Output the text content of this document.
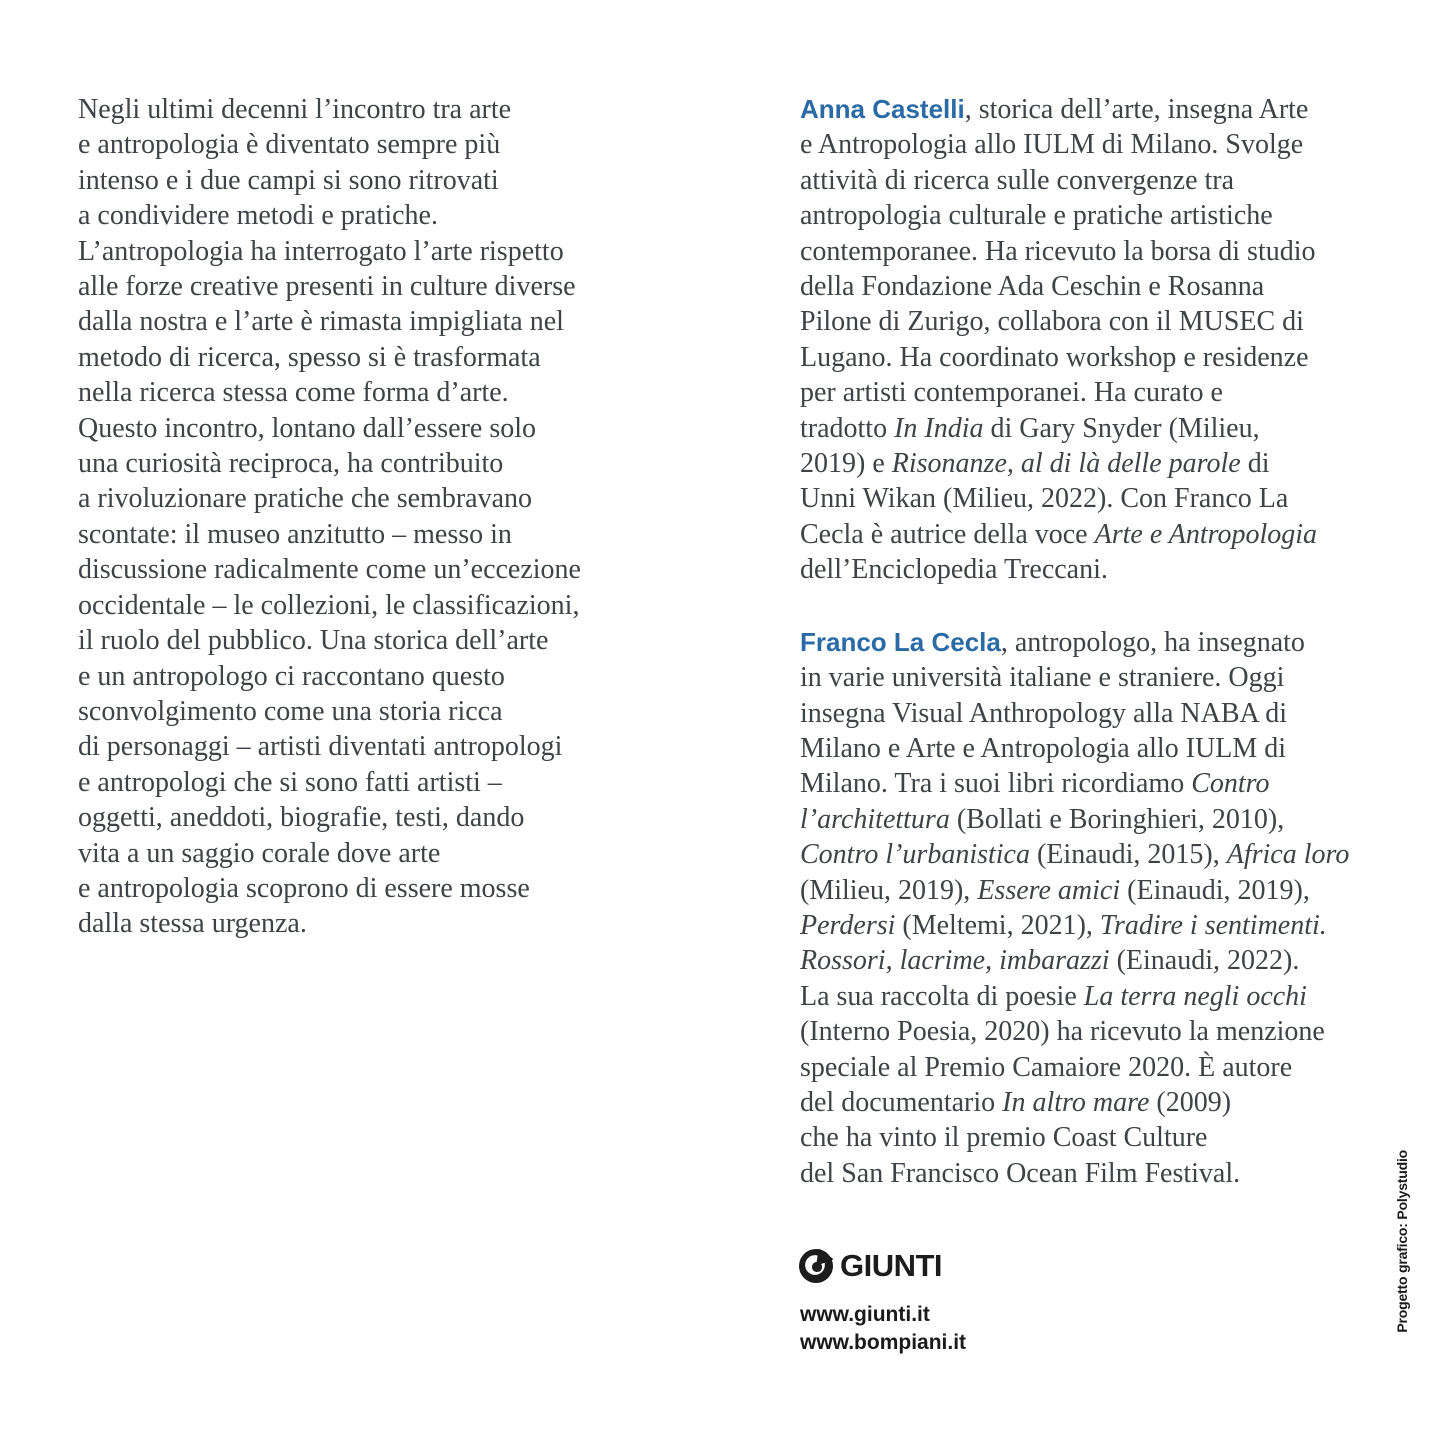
Negli ultimi decenni l’incontro tra arte
e antropologia è diventato sempre più
intenso e i due campi si sono ritrovati
a condividere metodi e pratiche.
L’antropologia ha interrogato l’arte rispetto
alle forze creative presenti in culture diverse
dalla nostra e l’arte è rimasta impigliata nel
metodo di ricerca, spesso si è trasformata
nella ricerca stessa come forma d’arte.
Questo incontro, lontano dall’essere solo
una curiosità reciproca, ha contribuito
a rivoluzionare pratiche che sembravano
scontate: il museo anzitutto – messo in
discussione radicalmente come un’eccezione
occidentale – le collezioni, le classificazioni,
il ruolo del pubblico. Una storica dell’arte
e un antropologo ci raccontano questo
sconvolgimento come una storia ricca
di personaggi – artisti diventati antropologi
e antropologi che si sono fatti artisti –
oggetti, aneddoti, biografie, testi, dando
vita a un saggio corale dove arte
e antropologia scoprono di essere mosse
dalla stessa urgenza.
Anna Castelli, storica dell’arte, insegna Arte
e Antropologia allo IULM di Milano. Svolge
attività di ricerca sulle convergenze tra
antropologia culturale e pratiche artistiche
contemporanee. Ha ricevuto la borsa di studio
della Fondazione Ada Ceschin e Rosanna
Pilone di Zurigo, collabora con il MUSEC di
Lugano. Ha coordinato workshop e residenze
per artisti contemporanei. Ha curato e
tradotto In India di Gary Snyder (Milieu,
2019) e Risonanze, al di là delle parole di
Unni Wikan (Milieu, 2022). Con Franco La
Cecla è autrice della voce Arte e Antropologia
dell’Enciclopedia Treccani.
Franco La Cecla, antropologo, ha insegnato
in varie università italiane e straniere. Oggi
insegna Visual Anthropology alla NABA di
Milano e Arte e Antropologia allo IULM di
Milano. Tra i suoi libri ricordiamo Contro
l’architettura (Bollati e Boringhieri, 2010),
Contro l’urbanistica (Einaudi, 2015), Africa loro
(Milieu, 2019), Essere amici (Einaudi, 2019),
Perdersi (Meltemi, 2021), Tradire i sentimenti.
Rossori, lacrime, imbarazzi (Einaudi, 2022).
La sua raccolta di poesie La terra negli occhi
(Interno Poesia, 2020) ha ricevuto la menzione
speciale al Premio Camaiore 2020. È autore
del documentario In altro mare (2009)
che ha vinto il premio Coast Culture
del San Francisco Ocean Film Festival.
GIUNTI
www.giunti.it
www.bompiani.it
Progetto grafico: Polystudio
